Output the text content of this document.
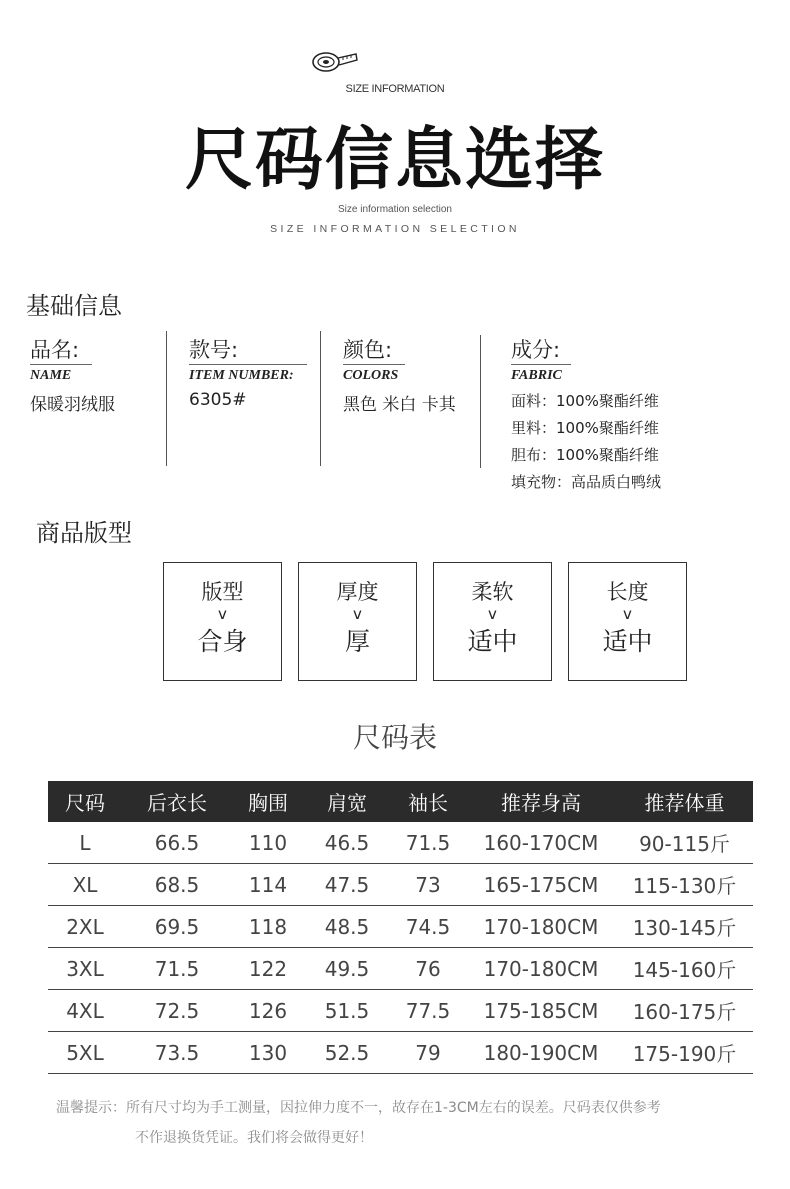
SIZE INFORMATION
尺码信息选择
Size information selection
SIZE INFORMATION SELECTION
基础信息
品名:
NAME
保暖羽绒服
款号:
ITEM NUMBER:
6305#
颜色:
COLORS
黑色 米白 卡其
成分:
FABRIC
面料：100%聚酯纤维
里料：100%聚酯纤维
胆布：100%聚酯纤维
填充物：高品质白鸭绒
商品版型
版型
v
合身
厚度
v
厚
柔软
v
适中
长度
v
适中
尺码表
尺码	后衣长	胸围	肩宽	袖长	推荐身高	推荐体重
L	66.5	110	46.5	71.5	160-170CM	90-115斤
XL	68.5	114	47.5	73	165-175CM	115-130斤
2XL	69.5	118	48.5	74.5	170-180CM	130-145斤
3XL	71.5	122	49.5	76	170-180CM	145-160斤
4XL	72.5	126	51.5	77.5	175-185CM	160-175斤
5XL	73.5	130	52.5	79	180-190CM	175-190斤
温馨提示：所有尺寸均为手工测量，因拉伸力度不一，故存在1-3CM左右的误差。尺码表仅供参考
不作退换货凭证。我们将会做得更好！
